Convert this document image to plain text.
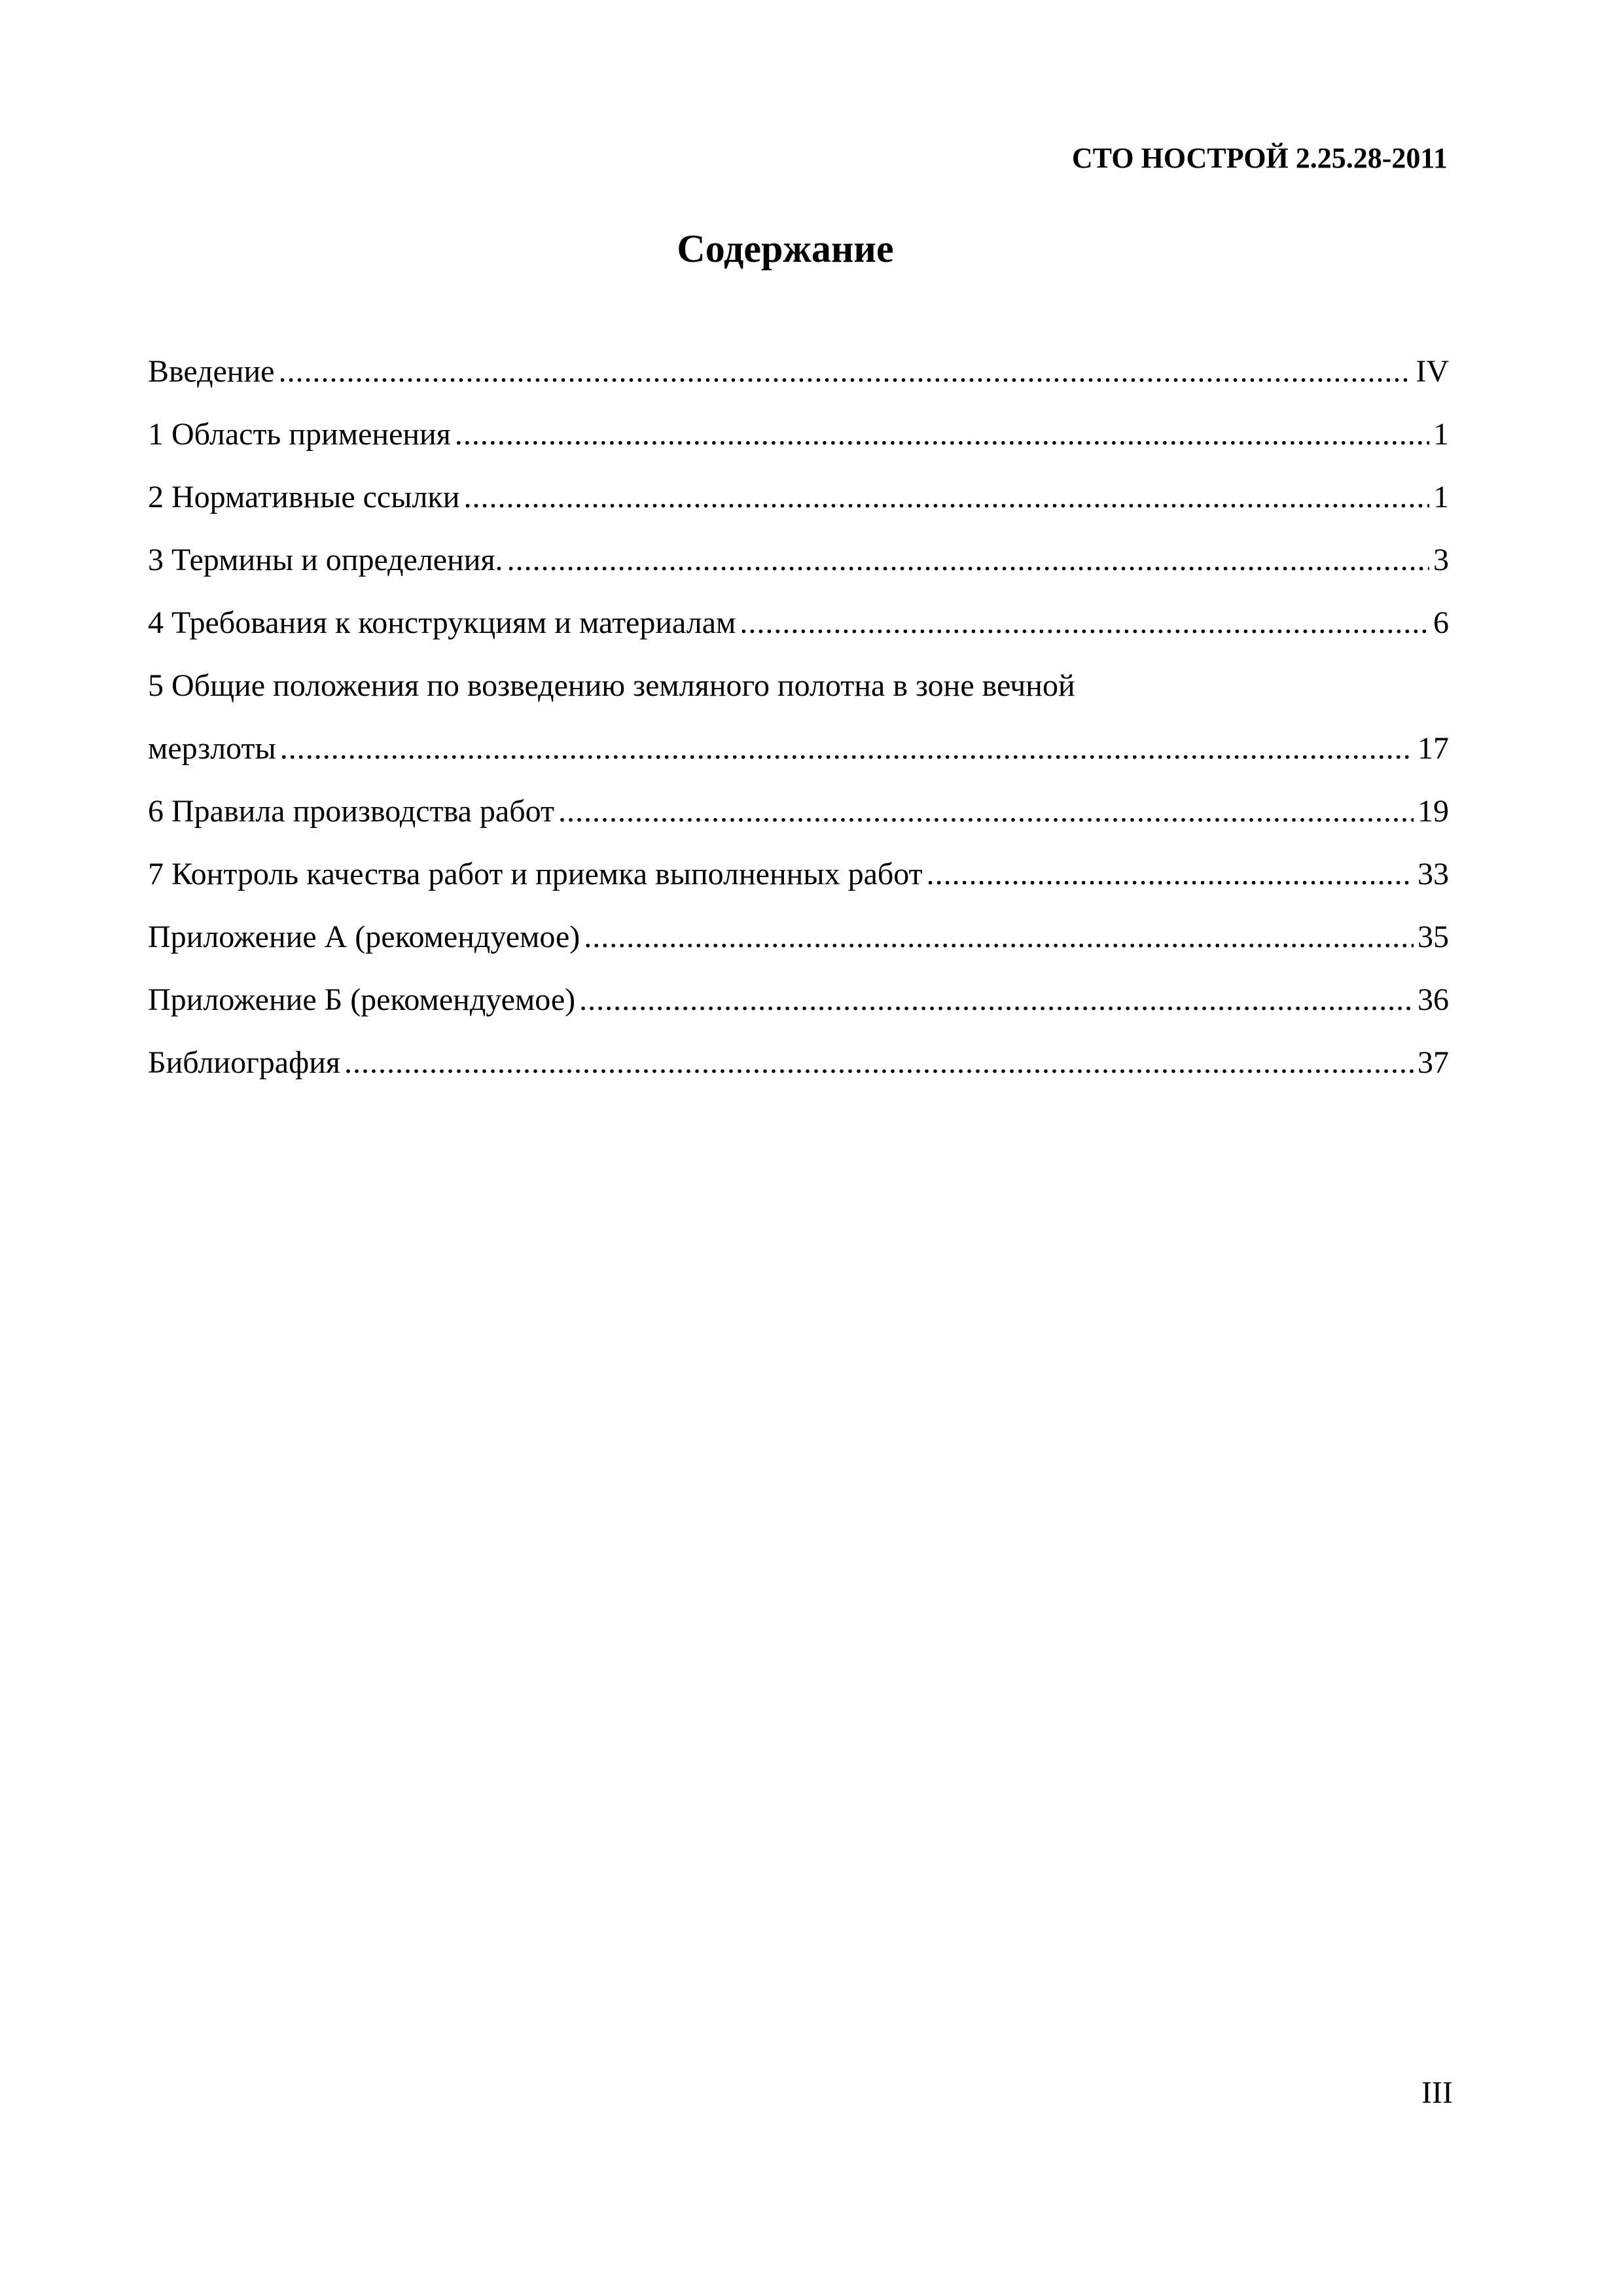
СТО НОСТРОЙ 2.25.28-2011
Содержание
Введение .....	IV
1 Область применения .....	1
2 Нормативные ссылки .....	1
3 Термины и определения. .....	3
4 Требования к конструкциям и материалам .....	6
5 Общие положения по возведению земляного полотна в зоне вечной
мерзлоты .....	17
6 Правила производства работ .....	19
7 Контроль качества работ и приемка выполненных работ .....	33
Приложение А (рекомендуемое) .....	35
Приложение Б (рекомендуемое) .....	36
Библиография .....	37
III
